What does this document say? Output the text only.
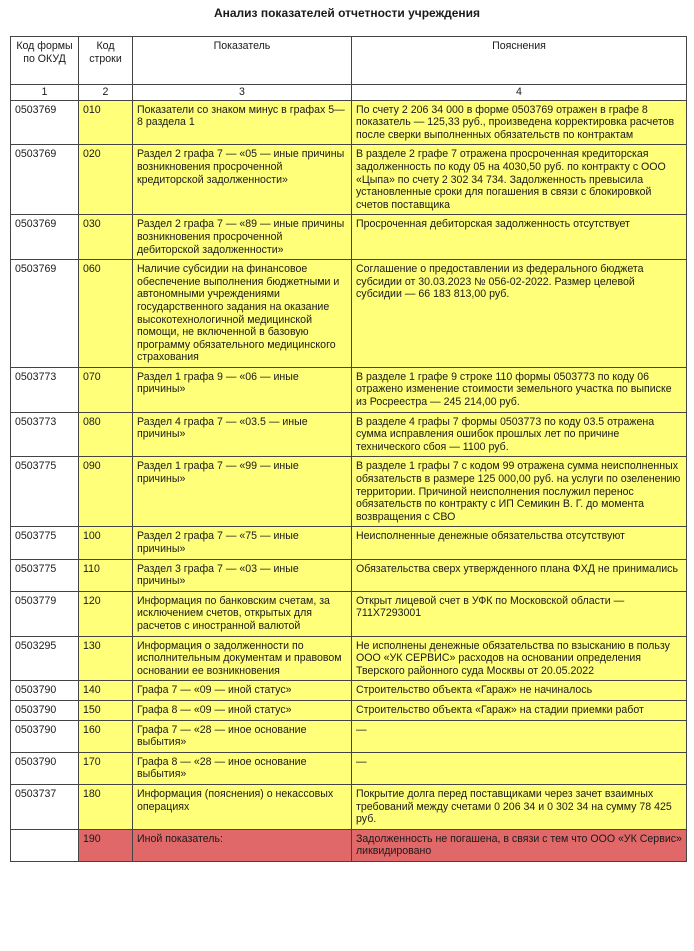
Анализ показателей отчетности учреждения
Код формы по ОКУД	Код строки	Показатель	Пояснения
1	2	3	4
0503769	010	Показатели со знаком минус в графах 5—8 раздела 1	По счету 2 206 34 000 в форме 0503769 отражен в графе 8 показатель — 125,33 руб., произведена корректировка расчетов после сверки выполненных обязательств по контрактам
0503769	020	Раздел 2 графа 7 — «05 — иные причины возникновения просроченной кредиторской задолженности»	В разделе 2 графе 7 отражена просроченная кредиторская задолженность по коду 05 на 4030,50 руб. по контракту с ООО «Цыпа» по счету 2 302 34 734. Задолженность превысила установленные сроки для погашения в связи с блокировкой счетов поставщика
0503769	030	Раздел 2 графа 7 — «89 — иные причины возникновения просроченной дебиторской задолженности»	Просроченная дебиторская задолженность отсутствует
0503769	060	Наличие субсидии на финансовое обеспечение выполнения бюджетными и автономными учреждениями государственного задания на оказание высокотехнологичной медицинской помощи, не включенной в базовую программу обязательного медицинского страхования	Соглашение о предоставлении из федерального бюджета субсидии от 30.03.2023 № 056-02-2022. Размер целевой субсидии — 66 183 813,00 руб.
0503773	070	Раздел 1 графа 9 — «06 — иные причины»	В разделе 1 графе 9 строке 110 формы 0503773 по коду 06 отражено изменение стоимости земельного участка по выписке из Росреестра — 245 214,00 руб.
0503773	080	Раздел 4 графа 7 — «03.5 — иные причины»	В разделе 4 графы 7 формы 0503773 по коду 03.5 отражена сумма исправления ошибок прошлых лет по причине технического сбоя — 1100 руб.
0503775	090	Раздел 1 графа 7 — «99 — иные причины»	В разделе 1 графы 7 с кодом 99 отражена сумма неисполненных обязательств в размере 125 000,00 руб. на услуги по озеленению территории. Причиной неисполнения послужил перенос обязательств по контракту с ИП Семикин В. Г. до момента возвращения с СВО
0503775	100	Раздел 2 графа 7 — «75 — иные причины»	Неисполненные денежные обязательства отсутствуют
0503775	110	Раздел 3 графа 7 — «03 — иные причины»	Обязательства сверх утвержденного плана ФХД не принимались
0503779	120	Информация по банковским счетам, за исключением счетов, открытых для расчетов с иностранной валютой	Открыт лицевой счет в УФК по Московской области — 711Х7293001
0503295	130	Информация о задолженности по исполнительным документам и правовом основании ее возникновения	Не исполнены денежные обязательства по взысканию в пользу ООО «УК СЕРВИС» расходов на основании определения Тверского районного суда Москвы от 20.05.2022
0503790	140	Графа 7 — «09 — иной статус»	Строительство объекта «Гараж» не начиналось
0503790	150	Графа 8 — «09 — иной статус»	Строительство объекта «Гараж» на стадии приемки работ
0503790	160	Графа 7 — «28 — иное основание выбытия»	—
0503790	170	Графа 8 — «28 — иное основание выбытия»	—
0503737	180	Информация (пояснения) о некассовых операциях	Покрытие долга перед поставщиками через зачет взаимных требований между счетами 0 206 34 и 0 302 34 на сумму 78 425 руб.
	190	Иной показатель:	Задолженность не погашена, в связи с тем что ООО «УК Сервис» ликвидировано
